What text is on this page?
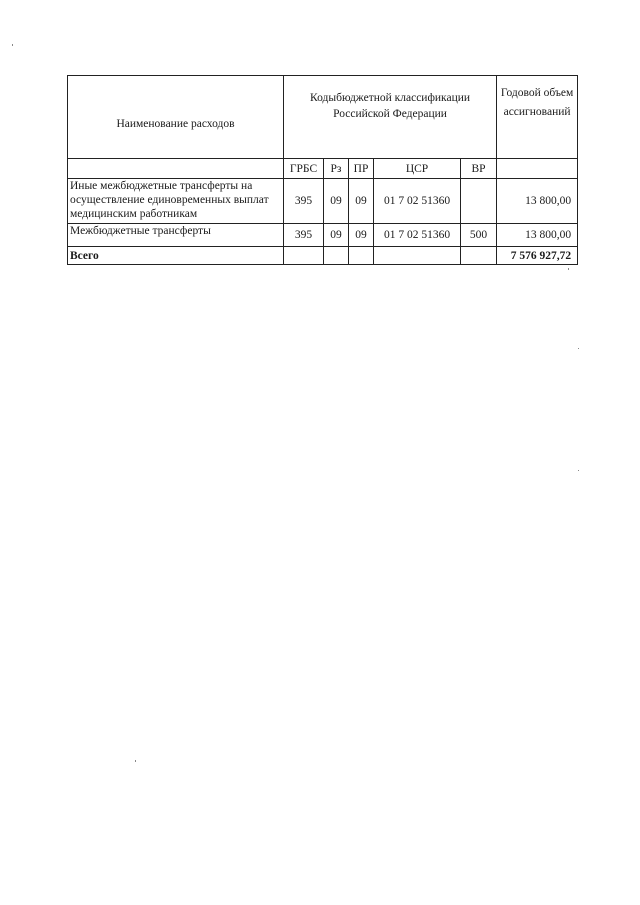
Наименование расходов	Кодыбюджетной классификации Российской Федерации					Годовой объем ассигнований
	ГРБС	Рз	ПР	ЦСР	ВР	
Иные межбюджетные трансферты на осуществление единовременных выплат медицинским работникам	395	09	09	01 7 02 51360		13 800,00
Межбюджетные трансферты	395	09	09	01 7 02 51360	500	13 800,00
Всего						7 576 927,72
